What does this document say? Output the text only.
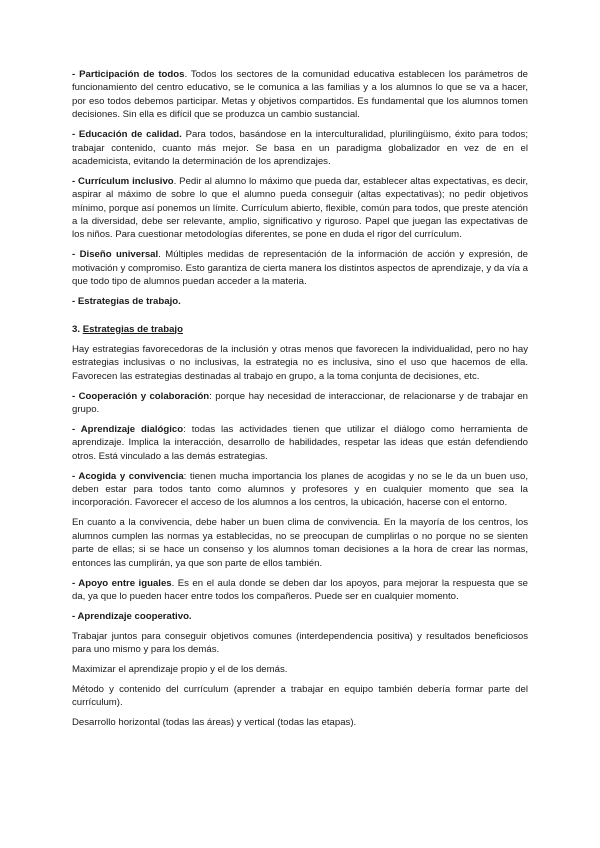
- Participación de todos. Todos los sectores de la comunidad educativa establecen los parámetros de funcionamiento del centro educativo, se le comunica a las familias y a los alumnos lo que se va a hacer, por eso todos debemos participar. Metas y objetivos compartidos. Es fundamental que los alumnos tomen decisiones. Sin ella es difícil que se produzca un cambio sustancial.

- Educación de calidad. Para todos, basándose en la interculturalidad, plurilingüismo, éxito para todos; trabajar contenido, cuanto más mejor. Se basa en un paradigma globalizador en vez de en el academicista, evitando la determinación de los aprendizajes.

- Currículum inclusivo. Pedir al alumno lo máximo que pueda dar, establecer altas expectativas, es decir, aspirar al máximo de sobre lo que el alumno pueda conseguir (altas expectativas); no pedir objetivos mínimo, porque así ponemos un límite. Currículum abierto, flexible, común para todos, que preste atención a la diversidad, debe ser relevante, amplio, significativo y riguroso. Papel que juegan las expectativas de los niños. Para cuestionar metodologías diferentes, se pone en duda el rigor del currículum.

- Diseño universal. Múltiples medidas de representación de la información de acción y expresión, de motivación y compromiso. Esto garantiza de cierta manera los distintos aspectos de aprendizaje, y da vía a que todo tipo de alumnos puedan acceder a la materia.

- Estrategias de trabajo.

3. Estrategias de trabajo

Hay estrategias favorecedoras de la inclusión y otras menos que favorecen la individualidad, pero no hay estrategias inclusivas o no inclusivas, la estrategia no es inclusiva, sino el uso que hacemos de ella. Favorecen las estrategias destinadas al trabajo en grupo, a la toma conjunta de decisiones, etc.

- Cooperación y colaboración: porque hay necesidad de interaccionar, de relacionarse y de trabajar en grupo.

- Aprendizaje dialógico: todas las actividades tienen que utilizar el diálogo como herramienta de aprendizaje. Implica la interacción, desarrollo de habilidades, respetar las ideas que están defendiendo otros. Está vinculado a las demás estrategias.

- Acogida y convivencia: tienen mucha importancia los planes de acogidas y no se le da un buen uso, deben estar para todos tanto como alumnos y profesores y en cualquier momento que sea la incorporación. Favorecer el acceso de los alumnos a los centros, la ubicación, hacerse con el entorno.

En cuanto a la convivencia, debe haber un buen clima de convivencia. En la mayoría de los centros, los alumnos cumplen las normas ya establecidas, no se preocupan de cumplirlas o no porque no se sienten parte de ellas; si se hace un consenso y los alumnos toman decisiones a la hora de crear las normas, entonces las cumplirán, ya que son parte de ellos también.

- Apoyo entre iguales. Es en el aula donde se deben dar los apoyos, para mejorar la respuesta que se da, ya que lo pueden hacer entre todos los compañeros. Puede ser en cualquier momento.

- Aprendizaje cooperativo.

Trabajar juntos para conseguir objetivos comunes (interdependencia positiva) y resultados beneficiosos para uno mismo y para los demás.

Maximizar el aprendizaje propio y el de los demás.

Método y contenido del currículum (aprender a trabajar en equipo también debería formar parte del currículum).

Desarrollo horizontal (todas las áreas) y vertical (todas las etapas).
